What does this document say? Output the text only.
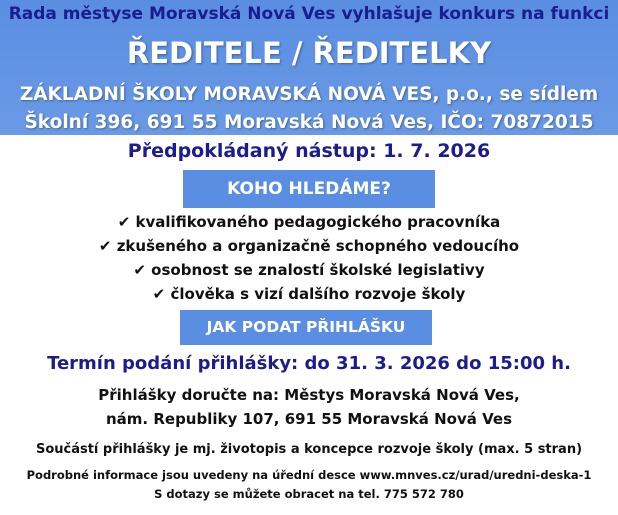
Rada městyse Moravská Nová Ves vyhlašuje konkurs na funkci
ŘEDITELE / ŘEDITELKY
ZÁKLADNÍ ŠKOLY MORAVSKÁ NOVÁ VES, p.o., se sídlem
Školní 396, 691 55 Moravská Nová Ves, IČO: 70872015
Předpokládaný nástup: 1. 7. 2026
KOHO HLEDÁME?
✔ kvalifikovaného pedagogického pracovníka
✔ zkušeného a organizačně schopného vedoucího
✔ osobnost se znalostí školské legislativy
✔ člověka s vizí dalšího rozvoje školy
JAK PODAT PŘIHLÁŠKU
Termín podání přihlášky: do 31. 3. 2026 do 15:00 h.
Přihlášky doručte na: Městys Moravská Nová Ves,
nám. Republiky 107, 691 55 Moravská Nová Ves
Součástí přihlášky je mj. životopis a koncepce rozvoje školy (max. 5 stran)
Podrobné informace jsou uvedeny na úřední desce www.mnves.cz/urad/uredni-deska-1
S dotazy se můžete obracet na tel. 775 572 780
